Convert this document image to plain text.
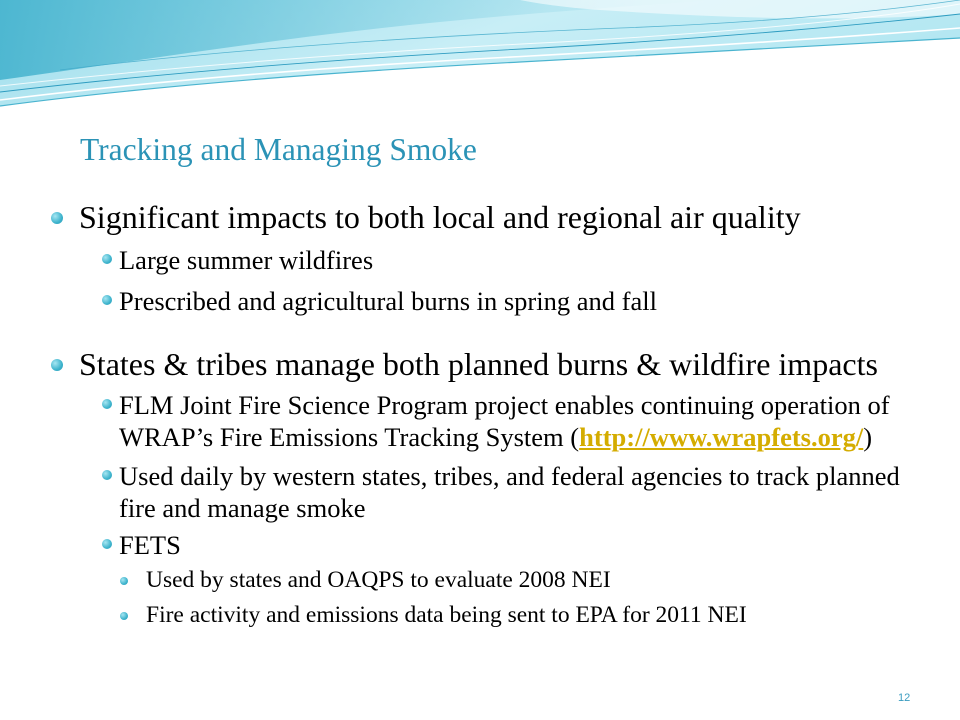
Tracking and Managing Smoke
Significant impacts to both local and regional air quality
Large summer wildfires
Prescribed and agricultural burns in spring and fall
States & tribes manage both planned burns & wildfire impacts
FLM Joint Fire Science Program project enables continuing operation of WRAP’s Fire Emissions Tracking System (http://www.wrapfets.org/)
Used daily by western states, tribes, and federal agencies to track planned fire and manage smoke
FETS
Used by states and OAQPS to evaluate 2008 NEI
Fire activity and emissions data being sent to EPA for 2011 NEI
12
